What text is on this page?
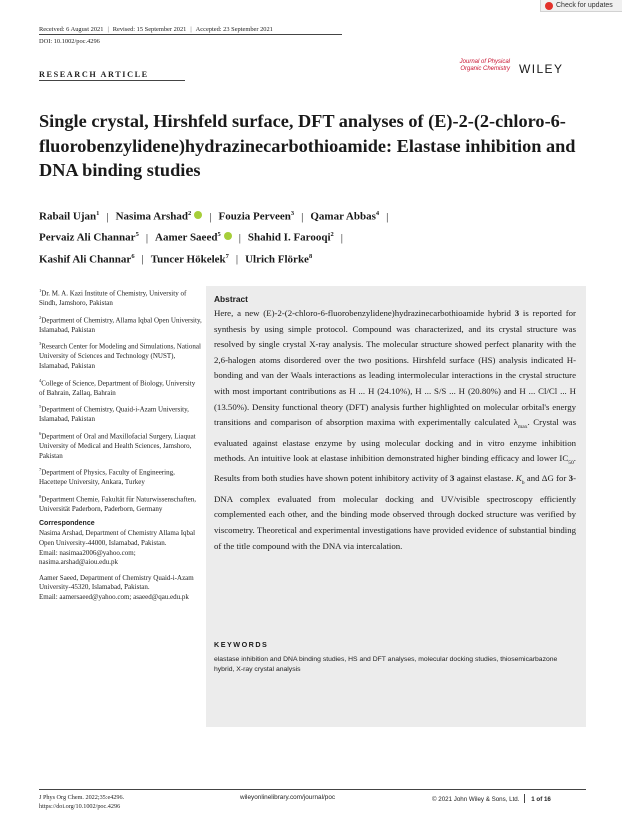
Check for updates
Received: 6 August 2021 | Revised: 15 September 2021 | Accepted: 23 September 2021
DOI: 10.1002/poc.4296
RESEARCH ARTICLE
Journal of Physical
Organic Chemistry WILEY
Single crystal, Hirshfeld surface, DFT analyses of (E)-2-(2-chloro-6-fluorobenzylidene)hydrazinecarbothioamide: Elastase inhibition and DNA binding studies
Rabail Ujan$^1$ | Nasima Arshad$^2$ | Fouzia Perveen$^3$ | Qamar Abbas$^4$ |
Pervaiz Ali Channar$^5$ | Aamer Saeed$^5$ | Shahid I. Farooqi$^2$ |
Kashif Ali Channar$^6$ | Tuncer Hökelek$^7$ | Ulrich Flörke$^8$

$^1$Dr. M. A. Kazi Institute of Chemistry, University of Sindh, Jamshoro, Pakistan

$^2$Department of Chemistry, Allama Iqbal Open University, Islamabad, Pakistan

$^3$Research Center for Modeling and Simulations, National University of Sciences and Technology (NUST), Islamabad, Pakistan

$^4$College of Science, Department of Biology, University of Bahrain, Zallaq, Bahrain

$^5$Department of Chemistry, Quaid-i-Azam University, Islamabad, Pakistan

$^6$Department of Oral and Maxillofacial Surgery, Liaquat University of Medical and Health Sciences, Jamshoro, Pakistan

$^7$Department of Physics, Faculty of Engineering, Hacettepe University, Ankara, Turkey

$^8$Department Chemie, Fakultät für Naturwissenschaften, Universität Paderborn, Paderborn, Germany

Correspondence

Nasima Arshad, Department of Chemistry Allama Iqbal Open University-44000, Islamabad, Pakistan.
Email: nasimaa2006@yahoo.com; nasima.arshad@aiou.edu.pk

Aamer Saeed, Department of Chemistry Quaid-i-Azam University-45320, Islamabad, Pakistan.
Email: aamersaeed@yahoo.com; asaeed@qau.edu.pk

Abstract
Here, a new (E)-2-(2-chloro-6-fluorobenzylidene)hydrazinecarbothioamide hybrid 3 is reported for synthesis by using simple protocol. Compound was characterized, and its crystal structure was resolved by single crystal X-ray analysis. The molecular structure showed perfect planarity with the 2,6-halogen atoms disordered over the two positions. Hirshfeld surface (HS) analysis indicated H-bonding and van der Waals interactions as leading intermolecular interactions in the crystal structure with most important contributions as H ... H (24.10%), H ... S/S ... H (20.80%) and H ... Cl/Cl ... H (13.50%). Density functional theory (DFT) analysis further highlighted on molecular orbital's energy transitions and comparison of absorption maxima with experimentally calculated $\lambda_{max}$. Crystal was evaluated against elastase enzyme by using molecular docking and in vitro enzyme inhibition methods. An intuitive look at elastase inhibition demonstrated higher binding efficacy and lower $IC_{50}$. Results from both studies have shown potent inhibitory activity of 3 against elastase. $K_b$ and ΔG for 3-DNA complex evaluated from molecular docking and UV/visible spectroscopy efficiently complemented each other, and the binding mode observed through docked structure was verified by viscometry. Theoretical and experimental investigations have provided evidence of substantial binding of the title compound with the DNA via intercalation.
KEYWORDS
elastase inhibition and DNA binding studies, HS and DFT analyses, molecular docking studies, thiosemicarbazone hybrid, X-ray crystal analysis
J Phys Org Chem. 2022;35:e4296.
https://doi.org/10.1002/poc.4296
wileyonlinelibrary.com/journal/poc	© 2021 John Wiley & Sons, Ltd. 1 of 16
